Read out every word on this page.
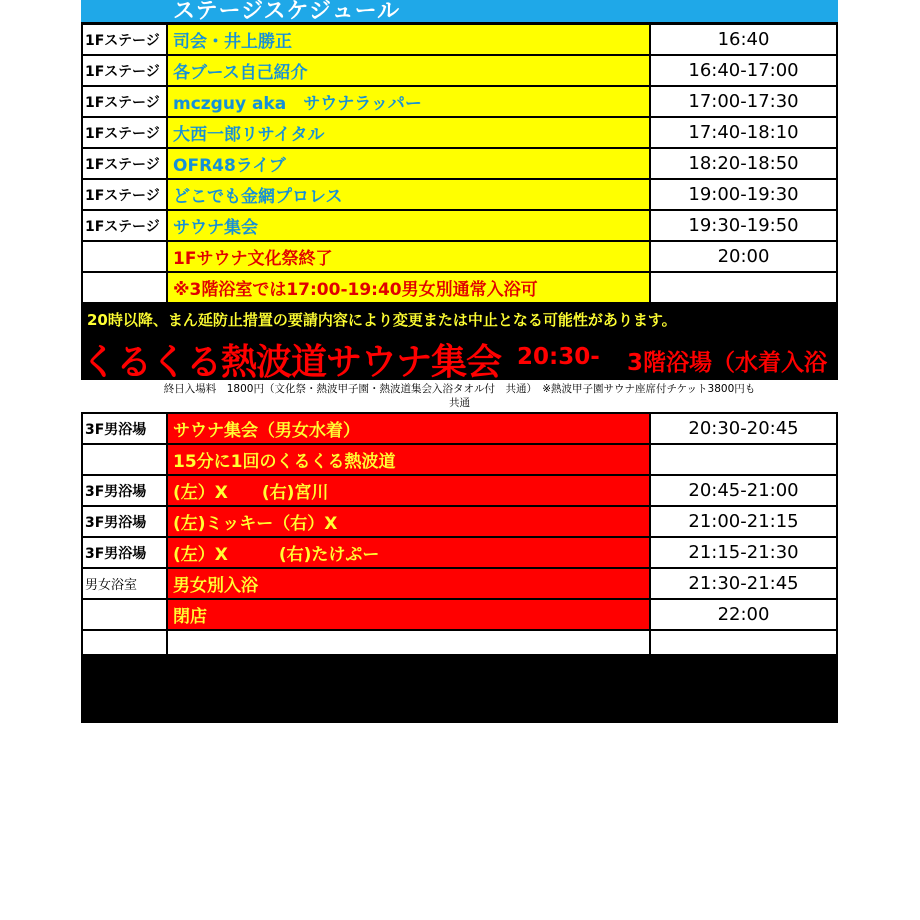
ステージスケジュール
1Fステージ 司会・井上勝正	16:40
1Fステージ 各ブース自己紹介	16:40-17:00
1Fステージ mczguy aka　サウナラッパー	17:00-17:30
1Fステージ 大西一郎リサイタル	17:40-18:10
1Fステージ OFR48ライブ	18:20-18:50
1Fステージ どこでも金網プロレス	19:00-19:30
1Fステージ サウナ集会	19:30-19:50
1Fサウナ文化祭終了	20:00
※3階浴室では17:00-19:40男女別通常入浴可
20時以降、まん延防止措置の要請内容により変更または中止となる可能性があります。
くるくる熱波道サウナ集会 20:30- 3階浴場（水着入浴
終日入場料　1800円（文化祭・熱波甲子園・熱波道集会入浴タオル付　共通）　※熱波甲子園サウナ座席付チケット3800円も
共通
3F男浴場	サウナ集会（男女水着）	20:30-20:45
15分に1回のくるくる熱波道
3F男浴場	(左）X　　(右)宮川	20:45-21:00
3F男浴場	(左)ミッキー（右）X	21:00-21:15
3F男浴場	(左）X　　　(右)たけぷー	21:15-21:30
男女浴室	男女別入浴	21:30-21:45
閉店	22:00
